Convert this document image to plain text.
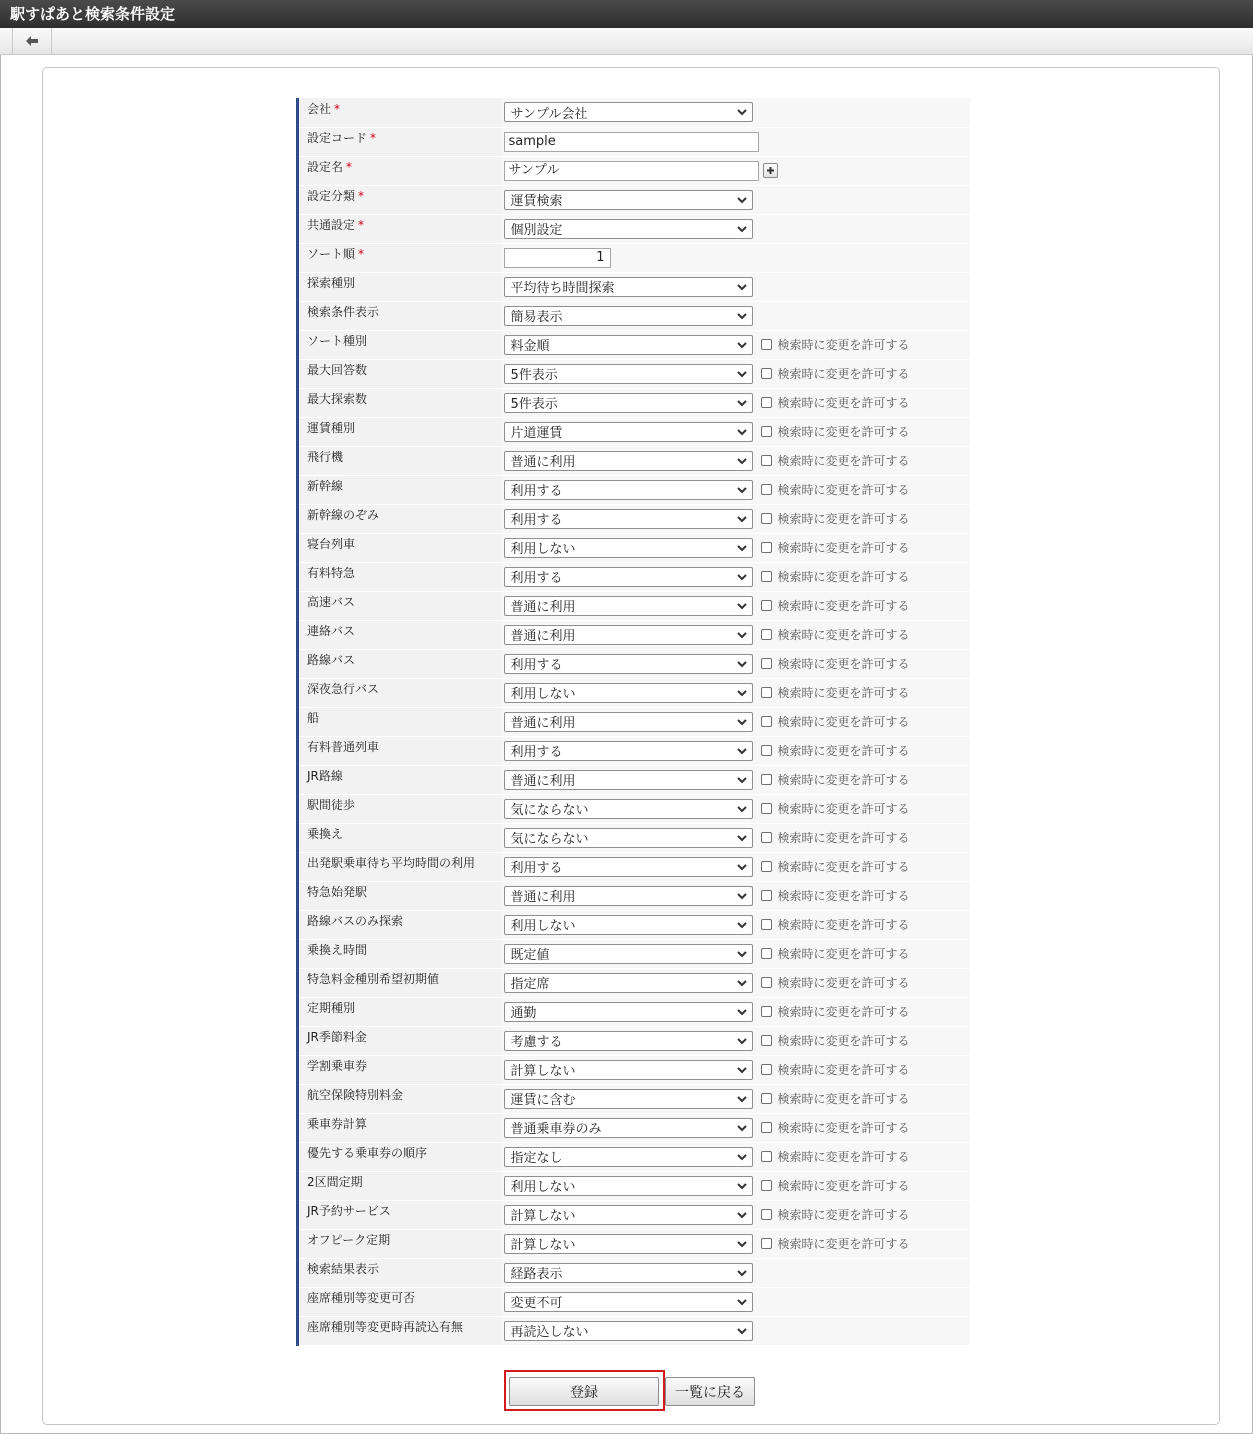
駅すぱあと検索条件設定
会社 *	サンプル会社

設定コード *	sample
設定名 *	サンプル

設定分類 *	運賃検索

共通設定 *	個別設定

ソート順 *	1
探索種別	平均待ち時間探索

検索条件表示	簡易表示

ソート種別	料金順 検索時に変更を許可する

最大回答数	5件表示 検索時に変更を許可する

最大探索数	5件表示 検索時に変更を許可する

運賃種別	片道運賃 検索時に変更を許可する

飛行機	普通に利用 検索時に変更を許可する

新幹線	利用する 検索時に変更を許可する

新幹線のぞみ	利用する 検索時に変更を許可する

寝台列車	利用しない 検索時に変更を許可する

有料特急	利用する 検索時に変更を許可する

高速バス	普通に利用 検索時に変更を許可する

連絡バス	普通に利用 検索時に変更を許可する

路線バス	利用する 検索時に変更を許可する

深夜急行バス	利用しない 検索時に変更を許可する

船	普通に利用 検索時に変更を許可する

有料普通列車	利用する 検索時に変更を許可する

JR路線	普通に利用 検索時に変更を許可する

駅間徒歩	気にならない 検索時に変更を許可する

乗換え	気にならない 検索時に変更を許可する

出発駅乗車待ち平均時間の利用	利用する 検索時に変更を許可する

特急始発駅	普通に利用 検索時に変更を許可する

路線バスのみ探索	利用しない 検索時に変更を許可する

乗換え時間	既定値 検索時に変更を許可する

特急料金種別希望初期値	指定席 検索時に変更を許可する

定期種別	通勤 検索時に変更を許可する

JR季節料金	考慮する 検索時に変更を許可する

学割乗車券	計算しない 検索時に変更を許可する

航空保険特別料金	運賃に含む 検索時に変更を許可する

乗車券計算	普通乗車券のみ 検索時に変更を許可する

優先する乗車券の順序	指定なし 検索時に変更を許可する

2区間定期	利用しない 検索時に変更を許可する

JR予約サービス	計算しない 検索時に変更を許可する

オフピーク定期	計算しない 検索時に変更を許可する

検索結果表示	経路表示

座席種別等変更可否	変更不可

座席種別等変更時再読込有無	再読込しない
登録	一覧に戻る
